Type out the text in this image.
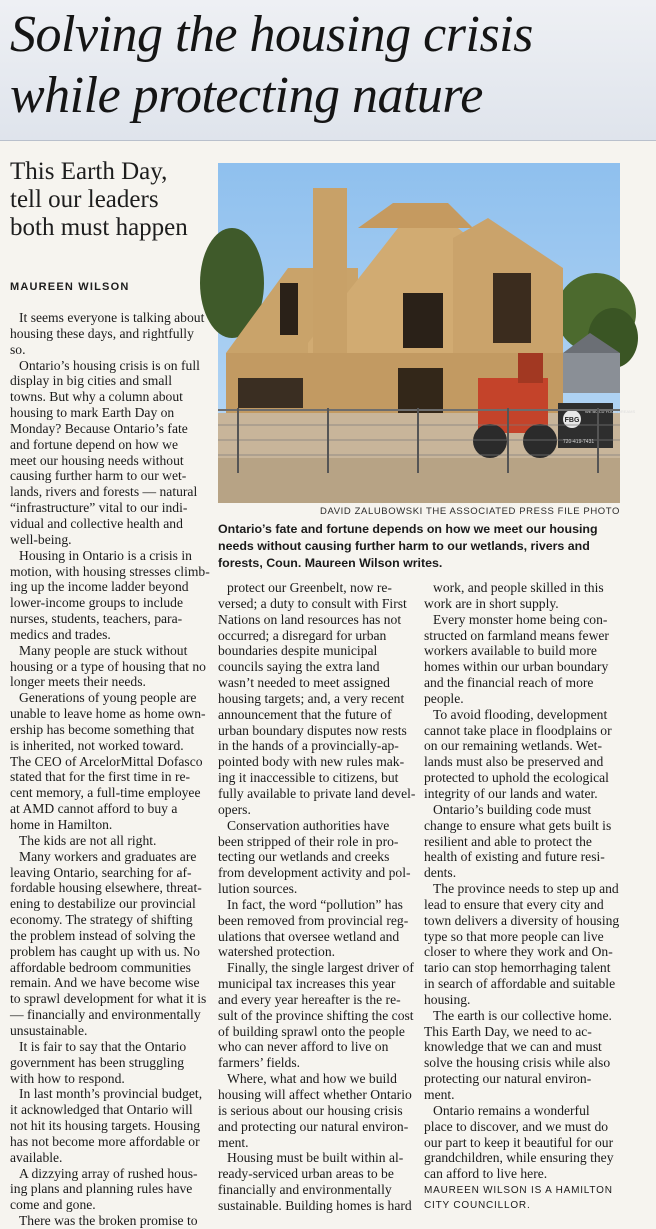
Solving the housing crisis
while protecting nature
This Earth Day,
tell our leaders
both must happen
MAUREEN WILSON
FBG
WE BUILD YOUR DREAMS
720-419-7431
DAVID ZALUBOWSKI THE ASSOCIATED PRESS FILE PHOTO
Ontario’s fate and fortune depends on how we meet our housing
needs without causing further harm to our wetlands, rivers and
forests, Coun. Maureen Wilson writes.
It seems everyone is talking about
housing these days, and rightfully
so.
Ontario’s housing crisis is on full
display in big cities and small
towns. But why a column about
housing to mark Earth Day on
Monday? Because Ontario’s fate
and fortune depend on how we
meet our housing needs without
causing further harm to our wet-
lands, rivers and forests — natural
“infrastructure” vital to our indi-
vidual and collective health and
well-being.
Housing in Ontario is a crisis in
motion, with housing stresses climb-
ing up the income ladder beyond
lower-income groups to include
nurses, students, teachers, para-
medics and trades.
Many people are stuck without
housing or a type of housing that no
longer meets their needs.
Generations of young people are
unable to leave home as home own-
ership has become something that
is inherited, not worked toward.
The CEO of ArcelorMittal Dofasco
stated that for the first time in re-
cent memory, a full-time employee
at AMD cannot afford to buy a
home in Hamilton.
The kids are not all right.
Many workers and graduates are
leaving Ontario, searching for af-
fordable housing elsewhere, threat-
ening to destabilize our provincial
economy. The strategy of shifting
the problem instead of solving the
problem has caught up with us. No
affordable bedroom communities
remain. And we have become wise
to sprawl development for what it is
— financially and environmentally
unsustainable.
It is fair to say that the Ontario
government has been struggling
with how to respond.
In last month’s provincial budget,
it acknowledged that Ontario will
not hit its housing targets. Housing
has not become more affordable or
available.
A dizzying array of rushed hous-
ing plans and planning rules have
come and gone.
There was the broken promise to
protect our Greenbelt, now re-
versed; a duty to consult with First
Nations on land resources has not
occurred; a disregard for urban
boundaries despite municipal
councils saying the extra land
wasn’t needed to meet assigned
housing targets; and, a very recent
announcement that the future of
urban boundary disputes now rests
in the hands of a provincially-ap-
pointed body with new rules mak-
ing it inaccessible to citizens, but
fully available to private land devel-
opers.
Conservation authorities have
been stripped of their role in pro-
tecting our wetlands and creeks
from development activity and pol-
lution sources.
In fact, the word “pollution” has
been removed from provincial reg-
ulations that oversee wetland and
watershed protection.
Finally, the single largest driver of
municipal tax increases this year
and every year hereafter is the re-
sult of the province shifting the cost
of building sprawl onto the people
who can never afford to live on
farmers’ fields.
Where, what and how we build
housing will affect whether Ontario
is serious about our housing crisis
and protecting our natural environ-
ment.
Housing must be built within al-
ready-serviced urban areas to be
financially and environmentally
sustainable. Building homes is hard
work, and people skilled in this
work are in short supply.
Every monster home being con-
structed on farmland means fewer
workers available to build more
homes within our urban boundary
and the financial reach of more
people.
To avoid flooding, development
cannot take place in floodplains or
on our remaining wetlands. Wet-
lands must also be preserved and
protected to uphold the ecological
integrity of our lands and water.
Ontario’s building code must
change to ensure what gets built is
resilient and able to protect the
health of existing and future resi-
dents.
The province needs to step up and
lead to ensure that every city and
town delivers a diversity of housing
type so that more people can live
closer to where they work and On-
tario can stop hemorrhaging talent
in search of affordable and suitable
housing.
The earth is our collective home.
This Earth Day, we need to ac-
knowledge that we can and must
solve the housing crisis while also
protecting our natural environ-
ment.
Ontario remains a wonderful
place to discover, and we must do
our part to keep it beautiful for our
grandchildren, while ensuring they
can afford to live here.
MAUREEN WILSON IS A HAMILTON
CITY COUNCILLOR.
